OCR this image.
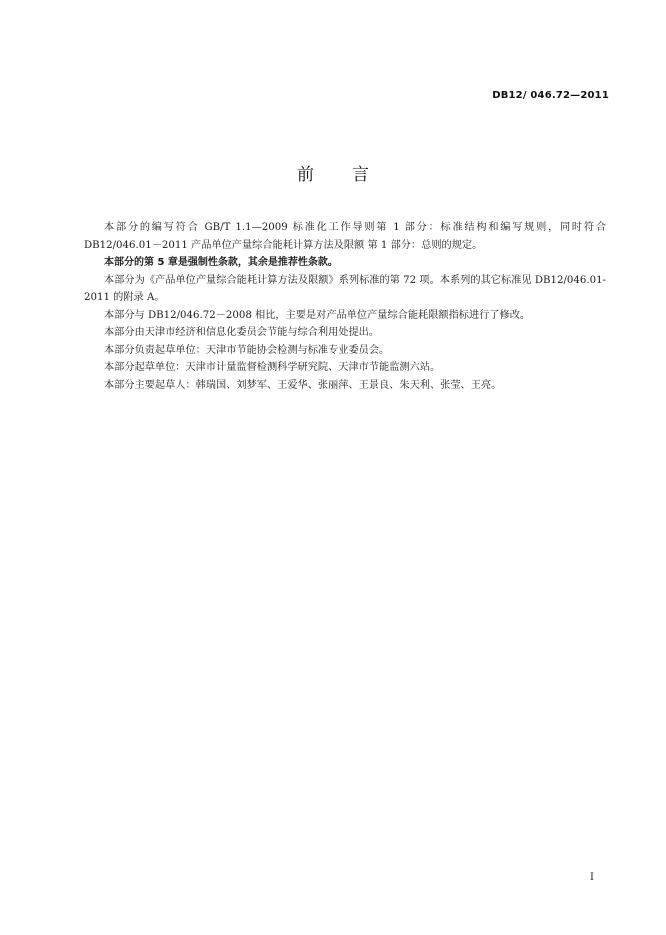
DB12/ 046.72—2011
前言

本部分的编写符合 GB/T 1.1—2009 标准化工作导则第 1 部分：标准结构和编写规则，同时符合 DB12/046.01－2011 产品单位产量综合能耗计算方法及限额 第 1 部分：总则的规定。

本部分的第 5 章是强制性条款，其余是推荐性条款。

本部分为《产品单位产量综合能耗计算方法及限额》系列标准的第 72 项。本系列的其它标准见 DB12/046.01-2011 的附录 A。

本部分与 DB12/046.72－2008 相比，主要是对产品单位产量综合能耗限额指标进行了修改。

本部分由天津市经济和信息化委员会节能与综合利用处提出。

本部分负责起草单位：天津市节能协会检测与标准专业委员会。

本部分起草单位：天津市计量监督检测科学研究院、天津市节能监测六站。

本部分主要起草人：韩瑞国、刘梦军、王爱华、张丽萍、王景良、朱天利、张莹、王亮。

I
